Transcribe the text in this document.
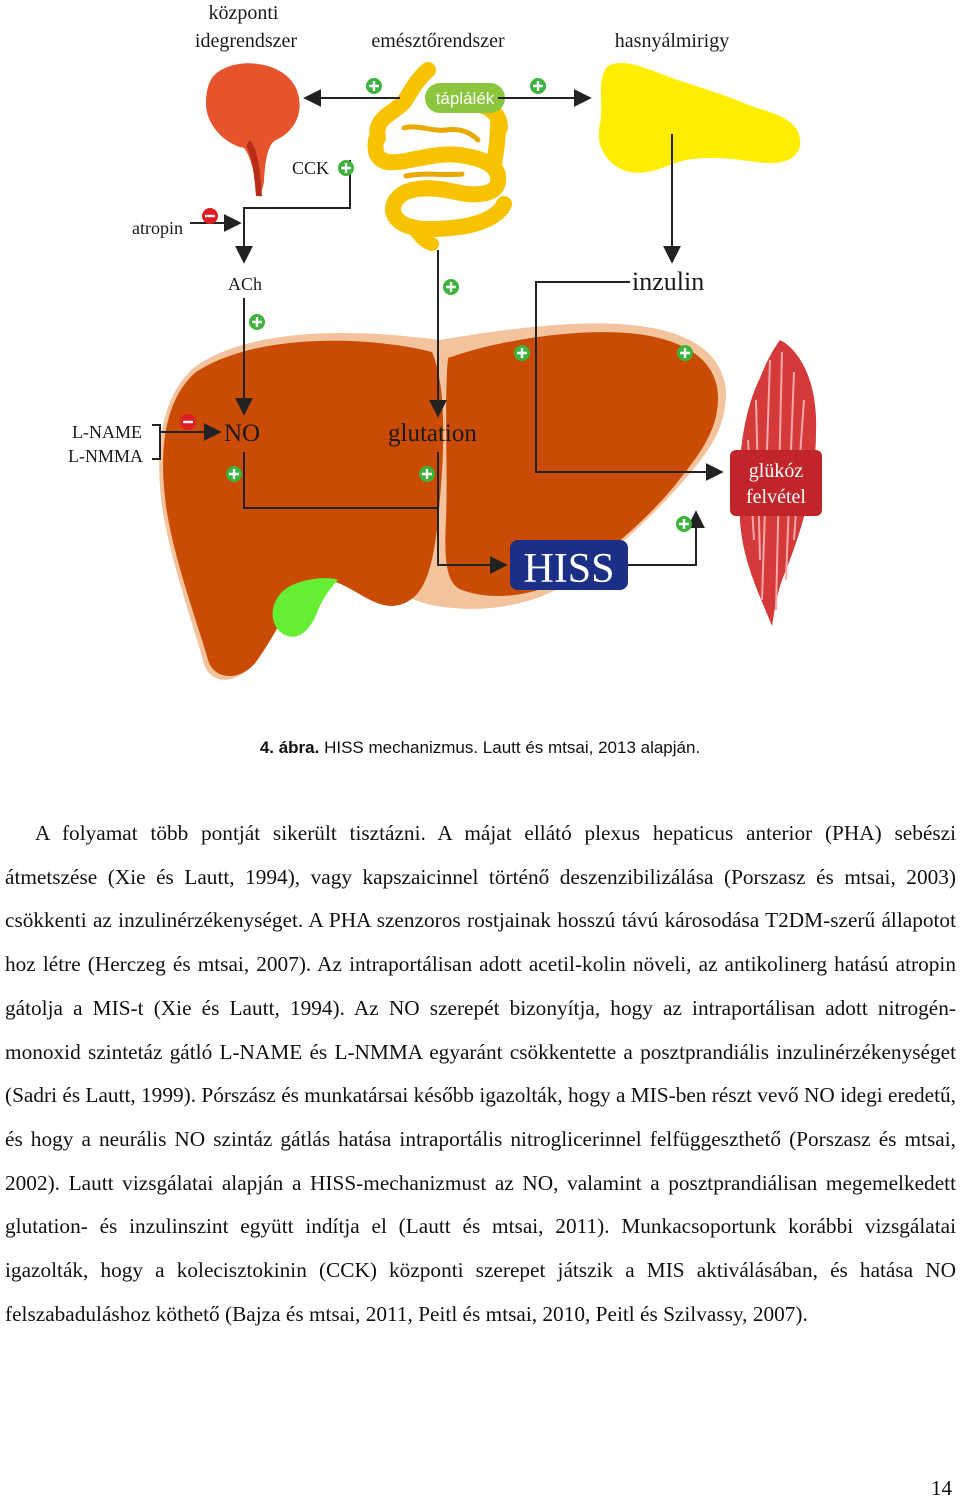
központi idegrendszer	emésztőrendszer	hasnyálmirigy
táplálék
CCK
atropin
ACh	inzulin
L-NAME
L-NMMA
NO	glutation
glükóz
felvétel
HISS
4. ábra. HISS mechanizmus. Lautt és mtsai, 2013 alapján.

A folyamat több pontját sikerült tisztázni. A májat ellátó plexus hepaticus anterior (PHA) sebészi átmetszése (Xie és Lautt, 1994), vagy kapszaicinnel történő deszenzibilizálása (Porszasz és mtsai, 2003) csökkenti az inzulinérzékenységet. A PHA szenzoros rostjainak hosszú távú károsodása T2DM-szerű állapotot hoz létre (Herczeg és mtsai, 2007). Az intraportálisan adott acetil-kolin növeli, az antikolinerg hatású atropin gátolja a MIS-t (Xie és Lautt, 1994). Az NO szerepét bizonyítja, hogy az intraportálisan adott nitrogén-monoxid szintetáz gátló L-NAME és L-NMMA egyaránt csökkentette a posztprandiális inzulinérzékenységet (Sadri és Lautt, 1999). Pórszász és munkatársai később igazolták, hogy a MIS-ben részt vevő NO idegi eredetű, és hogy a neurális NO szintáz gátlás hatása intraportális nitroglicerinnel felfüggeszthető (Porszasz és mtsai, 2002). Lautt vizsgálatai alapján a HISS-mechanizmust az NO, valamint a posztprandiálisan megemelkedett glutation- és inzulinszint együtt indítja el (Lautt és mtsai, 2011). Munkacsoportunk korábbi vizsgálatai igazolták, hogy a kolecisztokinin (CCK) központi szerepet játszik a MIS aktiválásában, és hatása NO felszabaduláshoz köthető (Bajza és mtsai, 2011, Peitl és mtsai, 2010, Peitl és Szilvassy, 2007).

14
